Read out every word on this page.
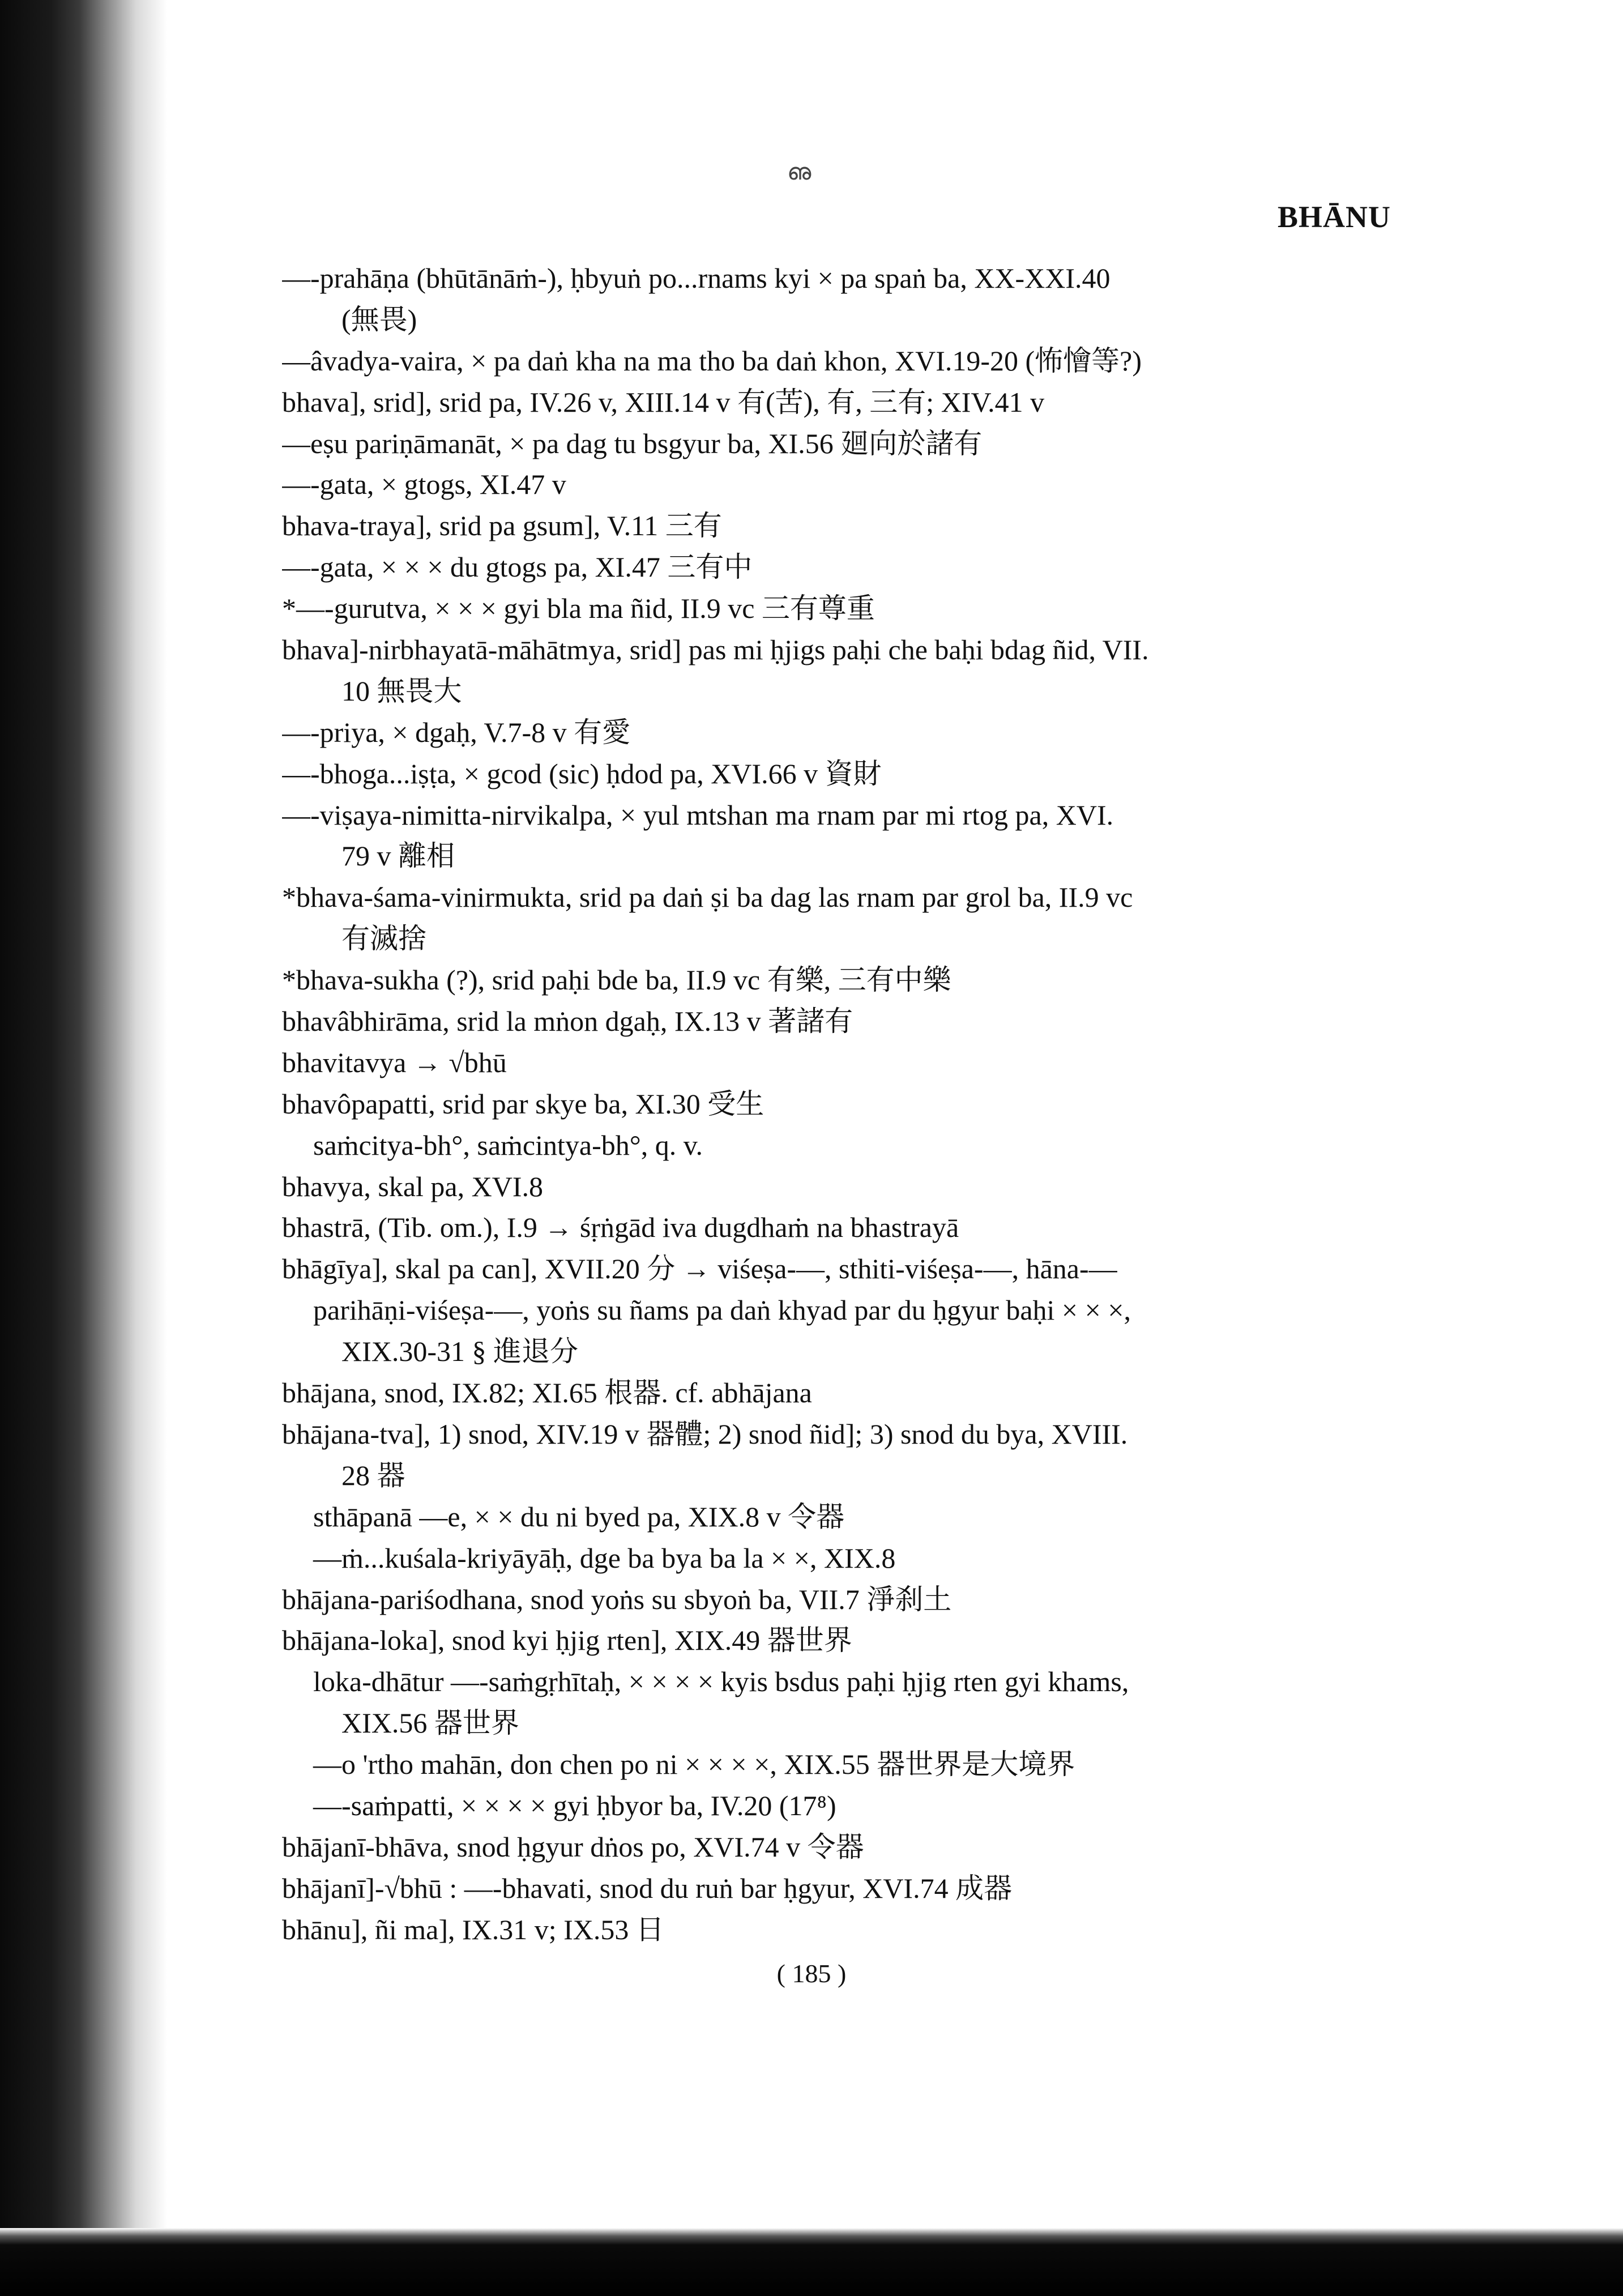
ഌ
BHĀNU
—-prahāṇa (bhūtānāṁ-), ḥbyuṅ po...rnams kyi × pa spaṅ ba, XX-XXI.40
(無畏)
—âvadya-vaira, × pa daṅ kha na ma tho ba daṅ khon, XVI.19-20 (怖懀等?)
bhava], srid], srid pa, IV.26 v, XIII.14 v 有(苦), 有, 三有; XIV.41 v
—eṣu pariṇāmanāt, × pa dag tu bsgyur ba, XI.56 廻向於諸有
—-gata, × gtogs, XI.47 v
bhava-traya], srid pa gsum], V.11 三有
—-gata, × × × du gtogs pa, XI.47 三有中
*—-gurutva, × × × gyi bla ma ñid, II.9 vc 三有尊重
bhava]-nirbhayatā-māhātmya, srid] pas mi ḥjigs paḥi che baḥi bdag ñid, VII.
10 無畏大
—-priya, × dgaḥ, V.7-8 v 有愛
—-bhoga...iṣṭa, × gcod (sic) ḥdod pa, XVI.66 v 資財
—-viṣaya-nimitta-nirvikalpa, × yul mtshan ma rnam par mi rtog pa, XVI.
79 v 離相
*bhava-śama-vinirmukta, srid pa daṅ ṣi ba dag las rnam par grol ba, II.9 vc
有滅捨
*bhava-sukha (?), srid paḥi bde ba, II.9 vc 有樂, 三有中樂
bhavâbhirāma, srid la mṅon dgaḥ, IX.13 v 著諸有
bhavitavya → √bhū
bhavôpapatti, srid par skye ba, XI.30 受生
saṁcitya-bh°, saṁcintya-bh°, q. v.
bhavya, skal pa, XVI.8
bhastrā, (Tib. om.), I.9 → śṛṅgād iva dugdhaṁ na bhastrayā
bhāgīya], skal pa can], XVII.20 分 → viśeṣa-—, sthiti-viśeṣa-—, hāna-—
parihāṇi-viśeṣa-—, yoṅs su ñams pa daṅ khyad par du ḥgyur baḥi × × ×,
XIX.30-31 § 進退分
bhājana, snod, IX.82; XI.65 根器. cf. abhājana
bhājana-tva], 1) snod, XIV.19 v 器體; 2) snod ñid]; 3) snod du bya, XVIII.
28 器
sthāpanā —e, × × du ni byed pa, XIX.8 v 令器
—ṁ...kuśala-kriyāyāḥ, dge ba bya ba la × ×, XIX.8
bhājana-pariśodhana, snod yoṅs su sbyoṅ ba, VII.7 淨刹土
bhājana-loka], snod kyi ḥjig rten], XIX.49 器世界
loka-dhātur —-saṁgṛhītaḥ, × × × × kyis bsdus paḥi ḥjig rten gyi khams,
XIX.56 器世界
—o 'rtho mahān, don chen po ni × × × ×, XIX.55 器世界是大境界
—-saṁpatti, × × × × gyi ḥbyor ba, IV.20 (17⁸)
bhājanī-bhāva, snod ḥgyur dṅos po, XVI.74 v 令器
bhājanī]-√bhū : —-bhavati, snod du ruṅ bar ḥgyur, XVI.74 成器
bhānu], ñi ma], IX.31 v; IX.53 日
( 185 )
